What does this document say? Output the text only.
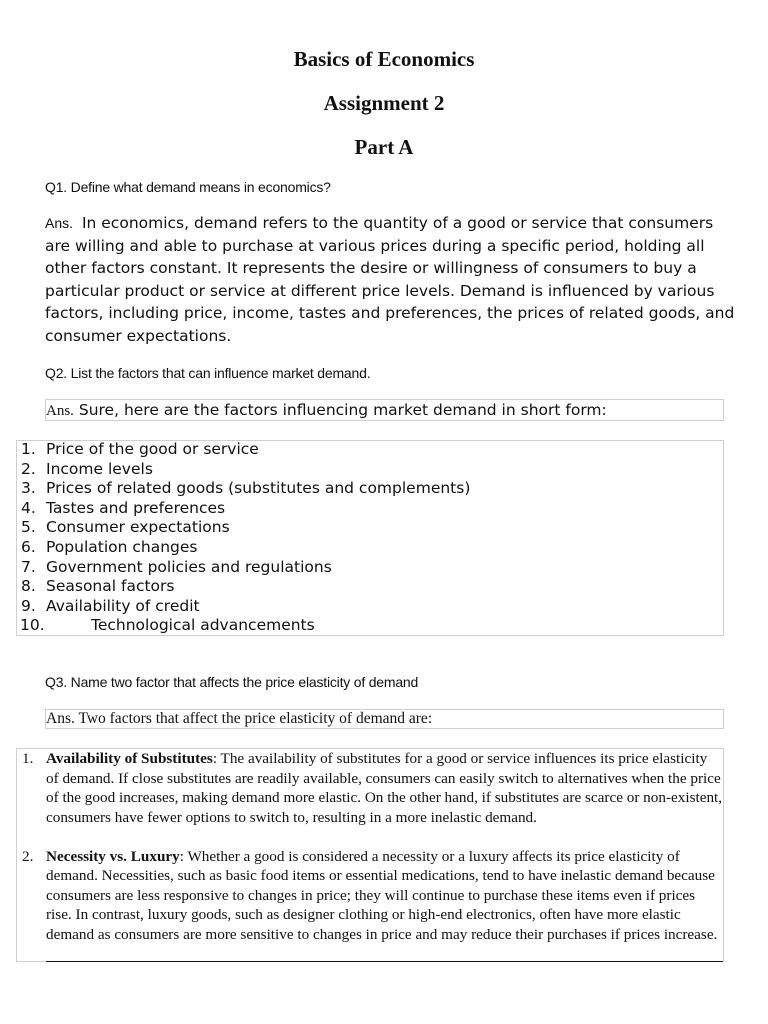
Basics of Economics
Assignment 2
Part A
Q1. Define what demand means in economics?
Ans. In economics, demand refers to the quantity of a good or service that consumers are willing and able to purchase at various prices during a specific period, holding all other factors constant. It represents the desire or willingness of consumers to buy a particular product or service at different price levels. Demand is influenced by various factors, including price, income, tastes and preferences, the prices of related goods, and consumer expectations.
Q2. List the factors that can influence market demand.
Ans. Sure, here are the factors influencing market demand in short form:
1. Price of the good or service
2. Income levels
3. Prices of related goods (substitutes and complements)
4. Tastes and preferences
5. Consumer expectations
6. Population changes
7. Government policies and regulations
8. Seasonal factors
9. Availability of credit
10.	Technological advancements
Q3. Name two factor that affects the price elasticity of demand
Ans. Two factors that affect the price elasticity of demand are:
1. Availability of Substitutes: The availability of substitutes for a good or service influences its price elasticity of demand. If close substitutes are readily available, consumers can easily switch to alternatives when the price of the good increases, making demand more elastic. On the other hand, if substitutes are scarce or non-existent, consumers have fewer options to switch to, resulting in a more inelastic demand.
2. Necessity vs. Luxury: Whether a good is considered a necessity or a luxury affects its price elasticity of demand. Necessities, such as basic food items or essential medications, tend to have inelastic demand because consumers are less responsive to changes in price; they will continue to purchase these items even if prices rise. In contrast, luxury goods, such as designer clothing or high-end electronics, often have more elastic demand as consumers are more sensitive to changes in price and may reduce their purchases if prices increase.
